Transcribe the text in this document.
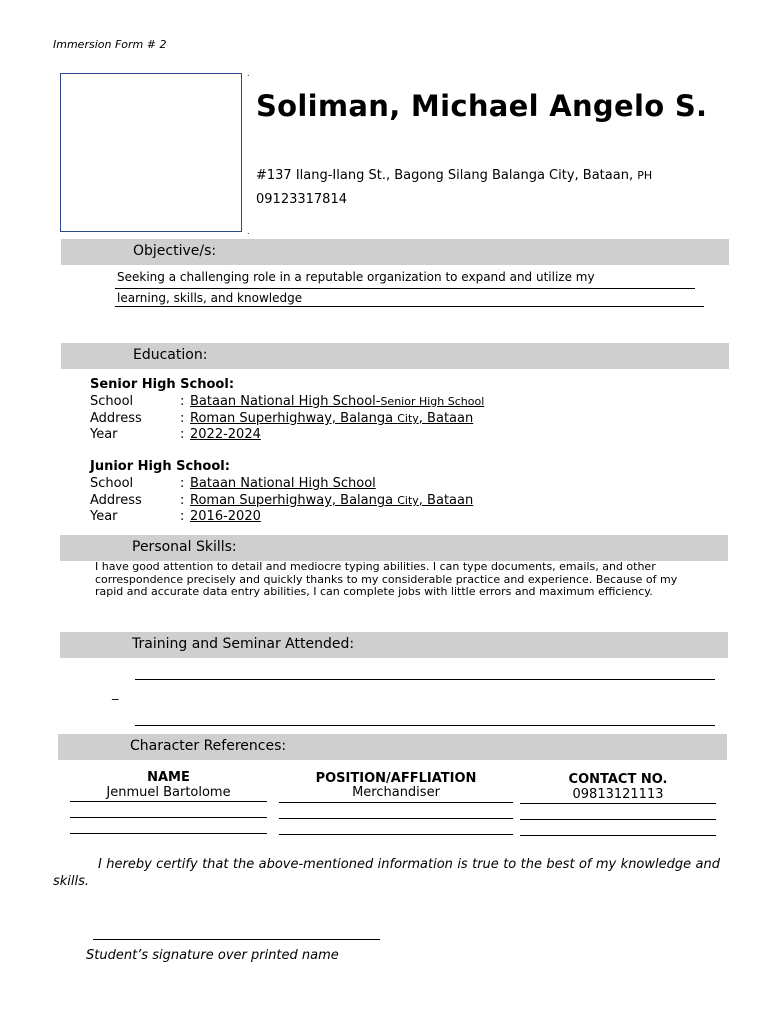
Immersion Form # 2
.
.
Soliman, Michael Angelo S.
#137 Ilang-Ilang St., Bagong Silang Balanga City, Bataan, PH
09123317814
Objective/s:
Seeking a challenging role in a reputable organization to expand and utilize my
learning, skills, and knowledge
Education:
Senior High School:
School	: Bataan National High School-Senior High School
Address	: Roman Superhighway, Balanga City, Bataan
Year	: 2022-2024
Junior High School:
School	: Bataan National High School
Address	: Roman Superhighway, Balanga City, Bataan
Year	: 2016-2020
Personal Skills:
I have good attention to detail and mediocre typing abilities. I can type documents, emails, and other correspondence precisely and quickly thanks to my considerable practice and experience. Because of my rapid and accurate data entry abilities, I can complete jobs with little errors and maximum efficiency.
Training and Seminar Attended:
_
Character References:
NAME	POSITION/AFFLIATION	CONTACT NO.
Jenmuel Bartolome	Merchandiser	09813121113
I hereby certify that the above-mentioned information is true to the best of my knowledge and skills.
Student’s signature over printed name
